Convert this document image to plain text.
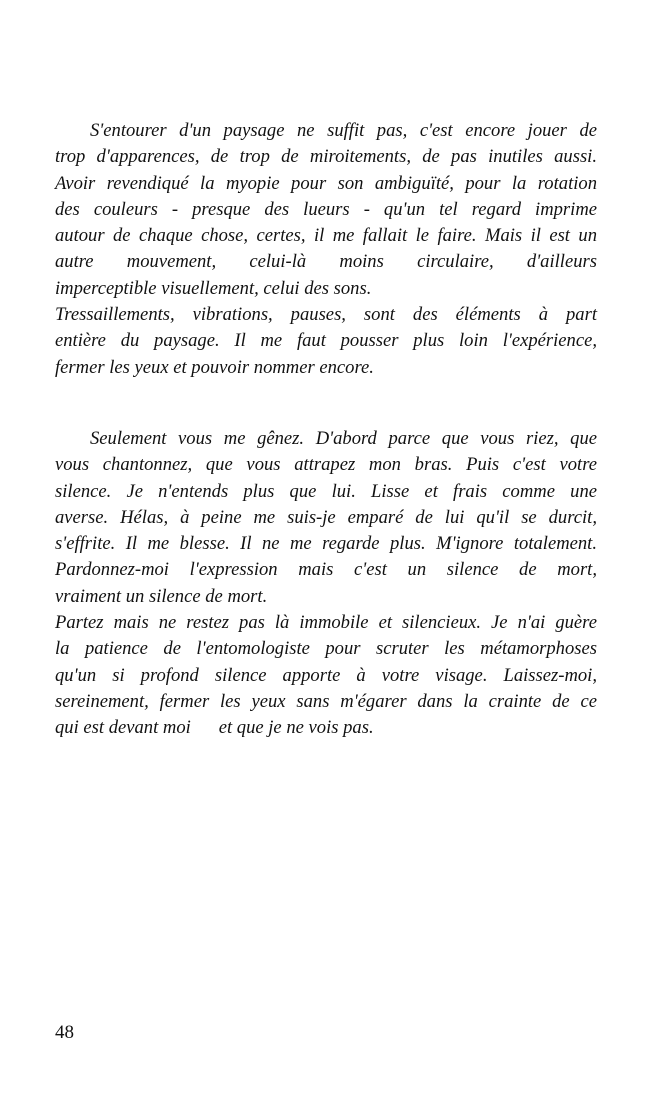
S'entourer d'un paysage ne suffit pas, c'est encore jouer de
trop d'apparences, de trop de miroitements, de pas inutiles aussi.
Avoir revendiqué la myopie pour son ambiguïté, pour la rotation
des couleurs - presque des lueurs - qu'un tel regard imprime
autour de chaque chose, certes, il me fallait le faire. Mais il est un
autre mouvement, celui-là moins circulaire, d'ailleurs
imperceptible visuellement, celui des sons.

Tressaillements, vibrations, pauses, sont des éléments à part
entière du paysage. Il me faut pousser plus loin l'expérience,
fermer les yeux et pouvoir nommer encore.

Seulement vous me gênez. D'abord parce que vous riez, que
vous chantonnez, que vous attrapez mon bras. Puis c'est votre
silence. Je n'entends plus que lui. Lisse et frais comme une
averse. Hélas, à peine me suis-je emparé de lui qu'il se durcit,
s'effrite. Il me blesse. Il ne me regarde plus. M'ignore totalement.
Pardonnez-moi l'expression mais c'est un silence de mort,
vraiment un silence de mort.

Partez mais ne restez pas là immobile et silencieux. Je n'ai guère
la patience de l'entomologiste pour scruter les métamorphoses
qu'un si profond silence apporte à votre visage. Laissez-moi,
sereinement, fermer les yeux sans m'égarer dans la crainte de ce
qui est devant moi      et que je ne vois pas.

48
